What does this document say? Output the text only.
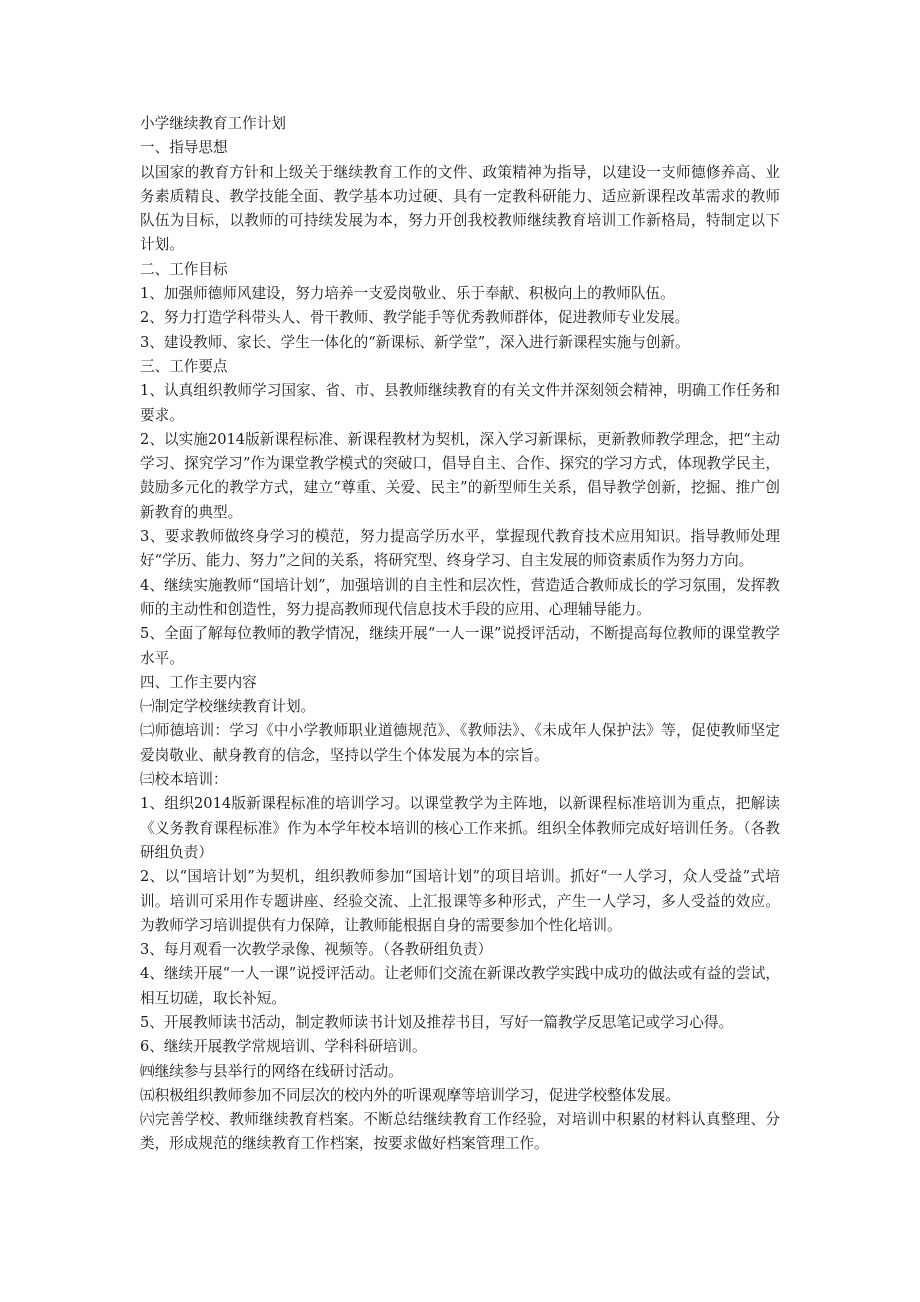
小学继续教育工作计划

一、指导思想

以国家的教育方针和上级关于继续教育工作的文件、政策精神为指导，以建设一支师德修养高、业务素质精良、教学技能全面、教学基本功过硬、具有一定教科研能力、适应新课程改革需求的教师队伍为目标，以教师的可持续发展为本，努力开创我校教师继续教育培训工作新格局，特制定以下计划。

二、工作目标

1、加强师德师风建设，努力培养一支爱岗敬业、乐于奉献、积极向上的教师队伍。

2、努力打造学科带头人、骨干教师、教学能手等优秀教师群体，促进教师专业发展。

3、建设教师、家长、学生一体化的“新课标、新学堂”，深入进行新课程实施与创新。

三、工作要点

1、认真组织教师学习国家、省、市、县教师继续教育的有关文件并深刻领会精神，明确工作任务和要求。

2、以实施2014版新课程标准、新课程教材为契机，深入学习新课标，更新教师教学理念，把“主动学习、探究学习”作为课堂教学模式的突破口，倡导自主、合作、探究的学习方式，体现教学民主，鼓励多元化的教学方式，建立“尊重、关爱、民主”的新型师生关系，倡导教学创新，挖掘、推广创新教育的典型。

3、要求教师做终身学习的模范，努力提高学历水平，掌握现代教育技术应用知识。指导教师处理好“学历、能力、努力”之间的关系，将研究型、终身学习、自主发展的师资素质作为努力方向。

4、继续实施教师“国培计划”，加强培训的自主性和层次性，营造适合教师成长的学习氛围，发挥教师的主动性和创造性，努力提高教师现代信息技术手段的应用、心理辅导能力。

5、全面了解每位教师的教学情况，继续开展“一人一课”说授评活动，不断提高每位教师的课堂教学水平。

四、工作主要内容

㈠制定学校继续教育计划。

㈡师德培训：学习《中小学教师职业道德规范》、《教师法》、《未成年人保护法》等，促使教师坚定爱岗敬业、献身教育的信念，坚持以学生个体发展为本的宗旨。

㈢校本培训：

1、组织2014版新课程标准的培训学习。以课堂教学为主阵地，以新课程标准培训为重点，把解读《义务教育课程标准》作为本学年校本培训的核心工作来抓。组织全体教师完成好培训任务。（各教研组负责）

2、以“国培计划”为契机，组织教师参加“国培计划”的项目培训。抓好“一人学习，众人受益”式培训。培训可采用作专题讲座、经验交流、上汇报课等多种形式，产生一人学习，多人受益的效应。为教师学习培训提供有力保障，让教师能根据自身的需要参加个性化培训。

3、每月观看一次教学录像、视频等。（各教研组负责）

4、继续开展“一人一课”说授评活动。让老师们交流在新课改教学实践中成功的做法或有益的尝试，相互切磋，取长补短。

5、开展教师读书活动，制定教师读书计划及推荐书目，写好一篇教学反思笔记或学习心得。

6、继续开展教学常规培训、学科科研培训。

㈣继续参与县举行的网络在线研讨活动。

㈤积极组织教师参加不同层次的校内外的听课观摩等培训学习，促进学校整体发展。

㈥完善学校、教师继续教育档案。不断总结继续教育工作经验，对培训中积累的材料认真整理、分类，形成规范的继续教育工作档案，按要求做好档案管理工作。
